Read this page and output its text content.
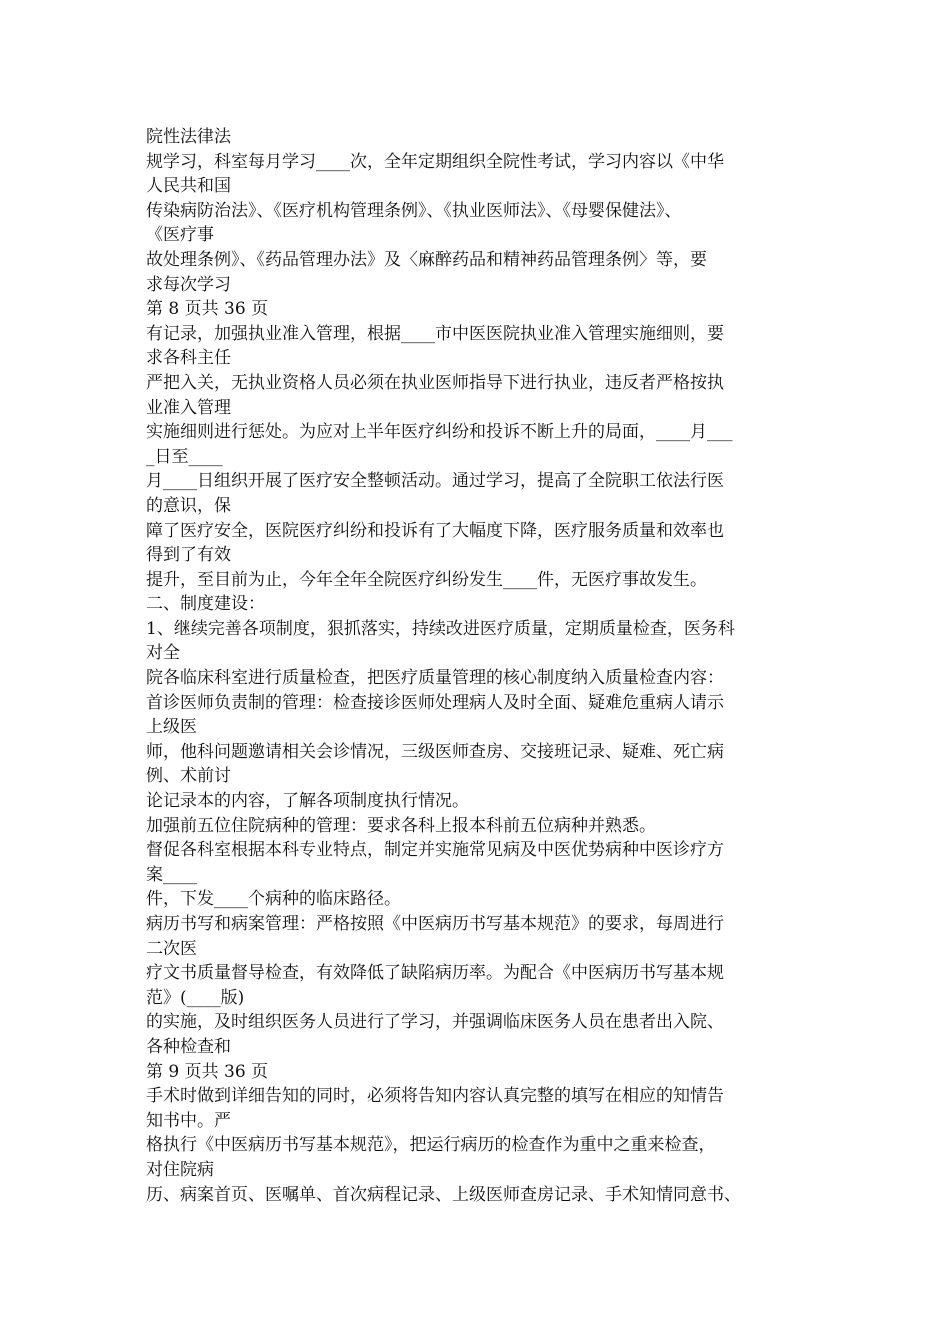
院性法律法
规学习，科室每月学习____次，全年定期组织全院性考试，学习内容以《中华
人民共和国
传染病防治法》、《医疗机构管理条例》、《执业医师法》、《母婴保健法》、
《医疗事
故处理条例》、《药品管理办法》及〈麻醉药品和精神药品管理条例〉等，要
求每次学习
第 8 页共 36 页
有记录，加强执业准入管理，根据____市中医医院执业准入管理实施细则，要
求各科主任
严把入关，无执业资格人员必须在执业医师指导下进行执业，违反者严格按执
业准入管理
实施细则进行惩处。为应对上半年医疗纠纷和投诉不断上升的局面，____月___
_日至____
月____日组织开展了医疗安全整顿活动。通过学习，提高了全院职工依法行医
的意识，保
障了医疗安全，医院医疗纠纷和投诉有了大幅度下降，医疗服务质量和效率也
得到了有效
提升，至目前为止，今年全年全院医疗纠纷发生____件，无医疗事故发生。
二、制度建设：
1、继续完善各项制度，狠抓落实，持续改进医疗质量，定期质量检查，医务科
对全
院各临床科室进行质量检查，把医疗质量管理的核心制度纳入质量检查内容：
首诊医师负责制的管理：检查接诊医师处理病人及时全面、疑难危重病人请示
上级医
师，他科问题邀请相关会诊情况，三级医师查房、交接班记录、疑难、死亡病
例、术前讨
论记录本的内容，了解各项制度执行情况。
加强前五位住院病种的管理：要求各科上报本科前五位病种并熟悉。
督促各科室根据本科专业特点，制定并实施常见病及中医优势病种中医诊疗方
案____
件，下发____个病种的临床路径。
病历书写和病案管理：严格按照《中医病历书写基本规范》的要求，每周进行
二次医
疗文书质量督导检查，有效降低了缺陷病历率。为配合《中医病历书写基本规
范》(____版)
的实施，及时组织医务人员进行了学习，并强调临床医务人员在患者出入院、
各种检查和
第 9 页共 36 页
手术时做到详细告知的同时，必须将告知内容认真完整的填写在相应的知情告
知书中。严
格执行《中医病历书写基本规范》，把运行病历的检查作为重中之重来检查，
对住院病
历、病案首页、医嘱单、首次病程记录、上级医师查房记录、手术知情同意书、
